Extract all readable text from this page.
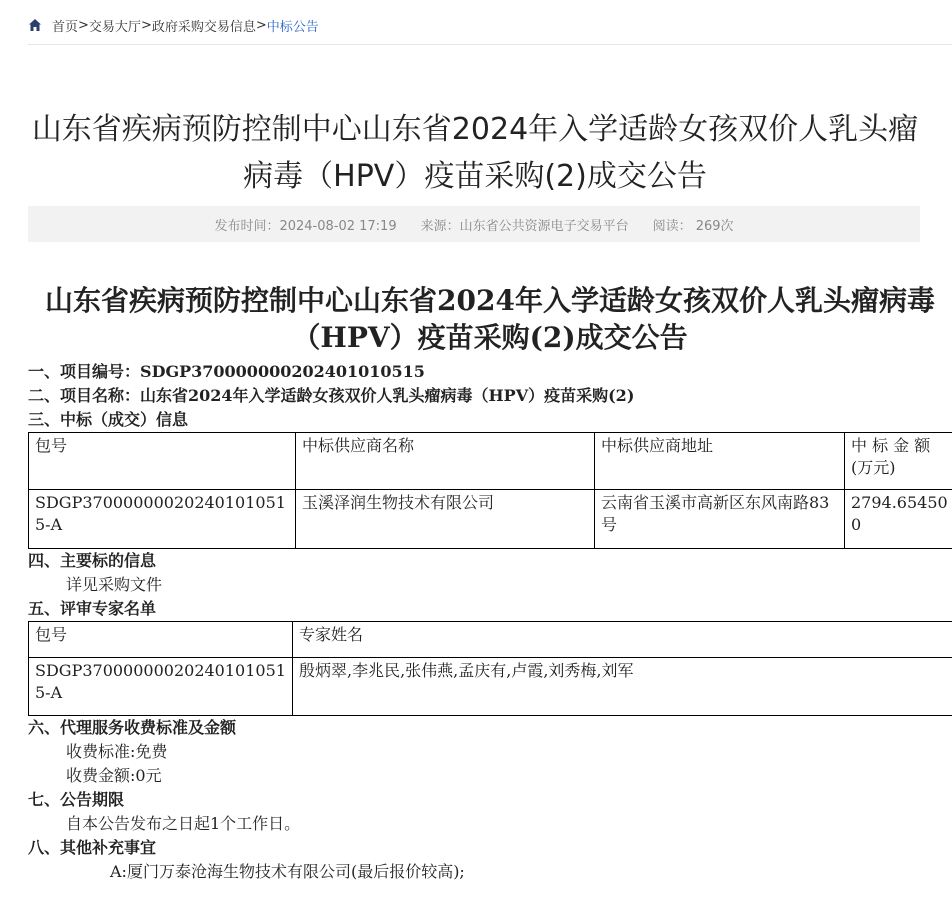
首页 > 交易大厅 > 政府采购交易信息 > 中标公告
山东省疾病预防控制中心山东省2024年入学适龄女孩双价人乳头瘤病毒（HPV）疫苗采购(2)成交公告
发布时间：2024-08-02 17:19 来源：山东省公共资源电子交易平台 阅读： 269次
山东省疾病预防控制中心山东省2024年入学适龄女孩双价人乳头瘤病毒（HPV）疫苗采购(2)成交公告
一、项目编号：SDGP370000000202401010515
二、项目名称：山东省2024年入学适龄女孩双价人乳头瘤病毒（HPV）疫苗采购(2)
三、中标（成交）信息
包号	中标供应商名称	中标供应商地址	中 标 金 额(万元)
SDGP370000000202401010515-A	玉溪泽润生物技术有限公司	云南省玉溪市高新区东风南路83号	2794.654500
四、主要标的信息
详见采购文件
五、评审专家名单
包号	专家姓名
SDGP370000000202401010515-A	殷炳翠,李兆民,张伟燕,孟庆有,卢霞,刘秀梅,刘军
六、代理服务收费标准及金额
收费标准:免费
收费金额:0元
七、公告期限
自本公告发布之日起1个工作日。
八、其他补充事宜
A:厦门万泰沧海生物技术有限公司(最后报价较高);
